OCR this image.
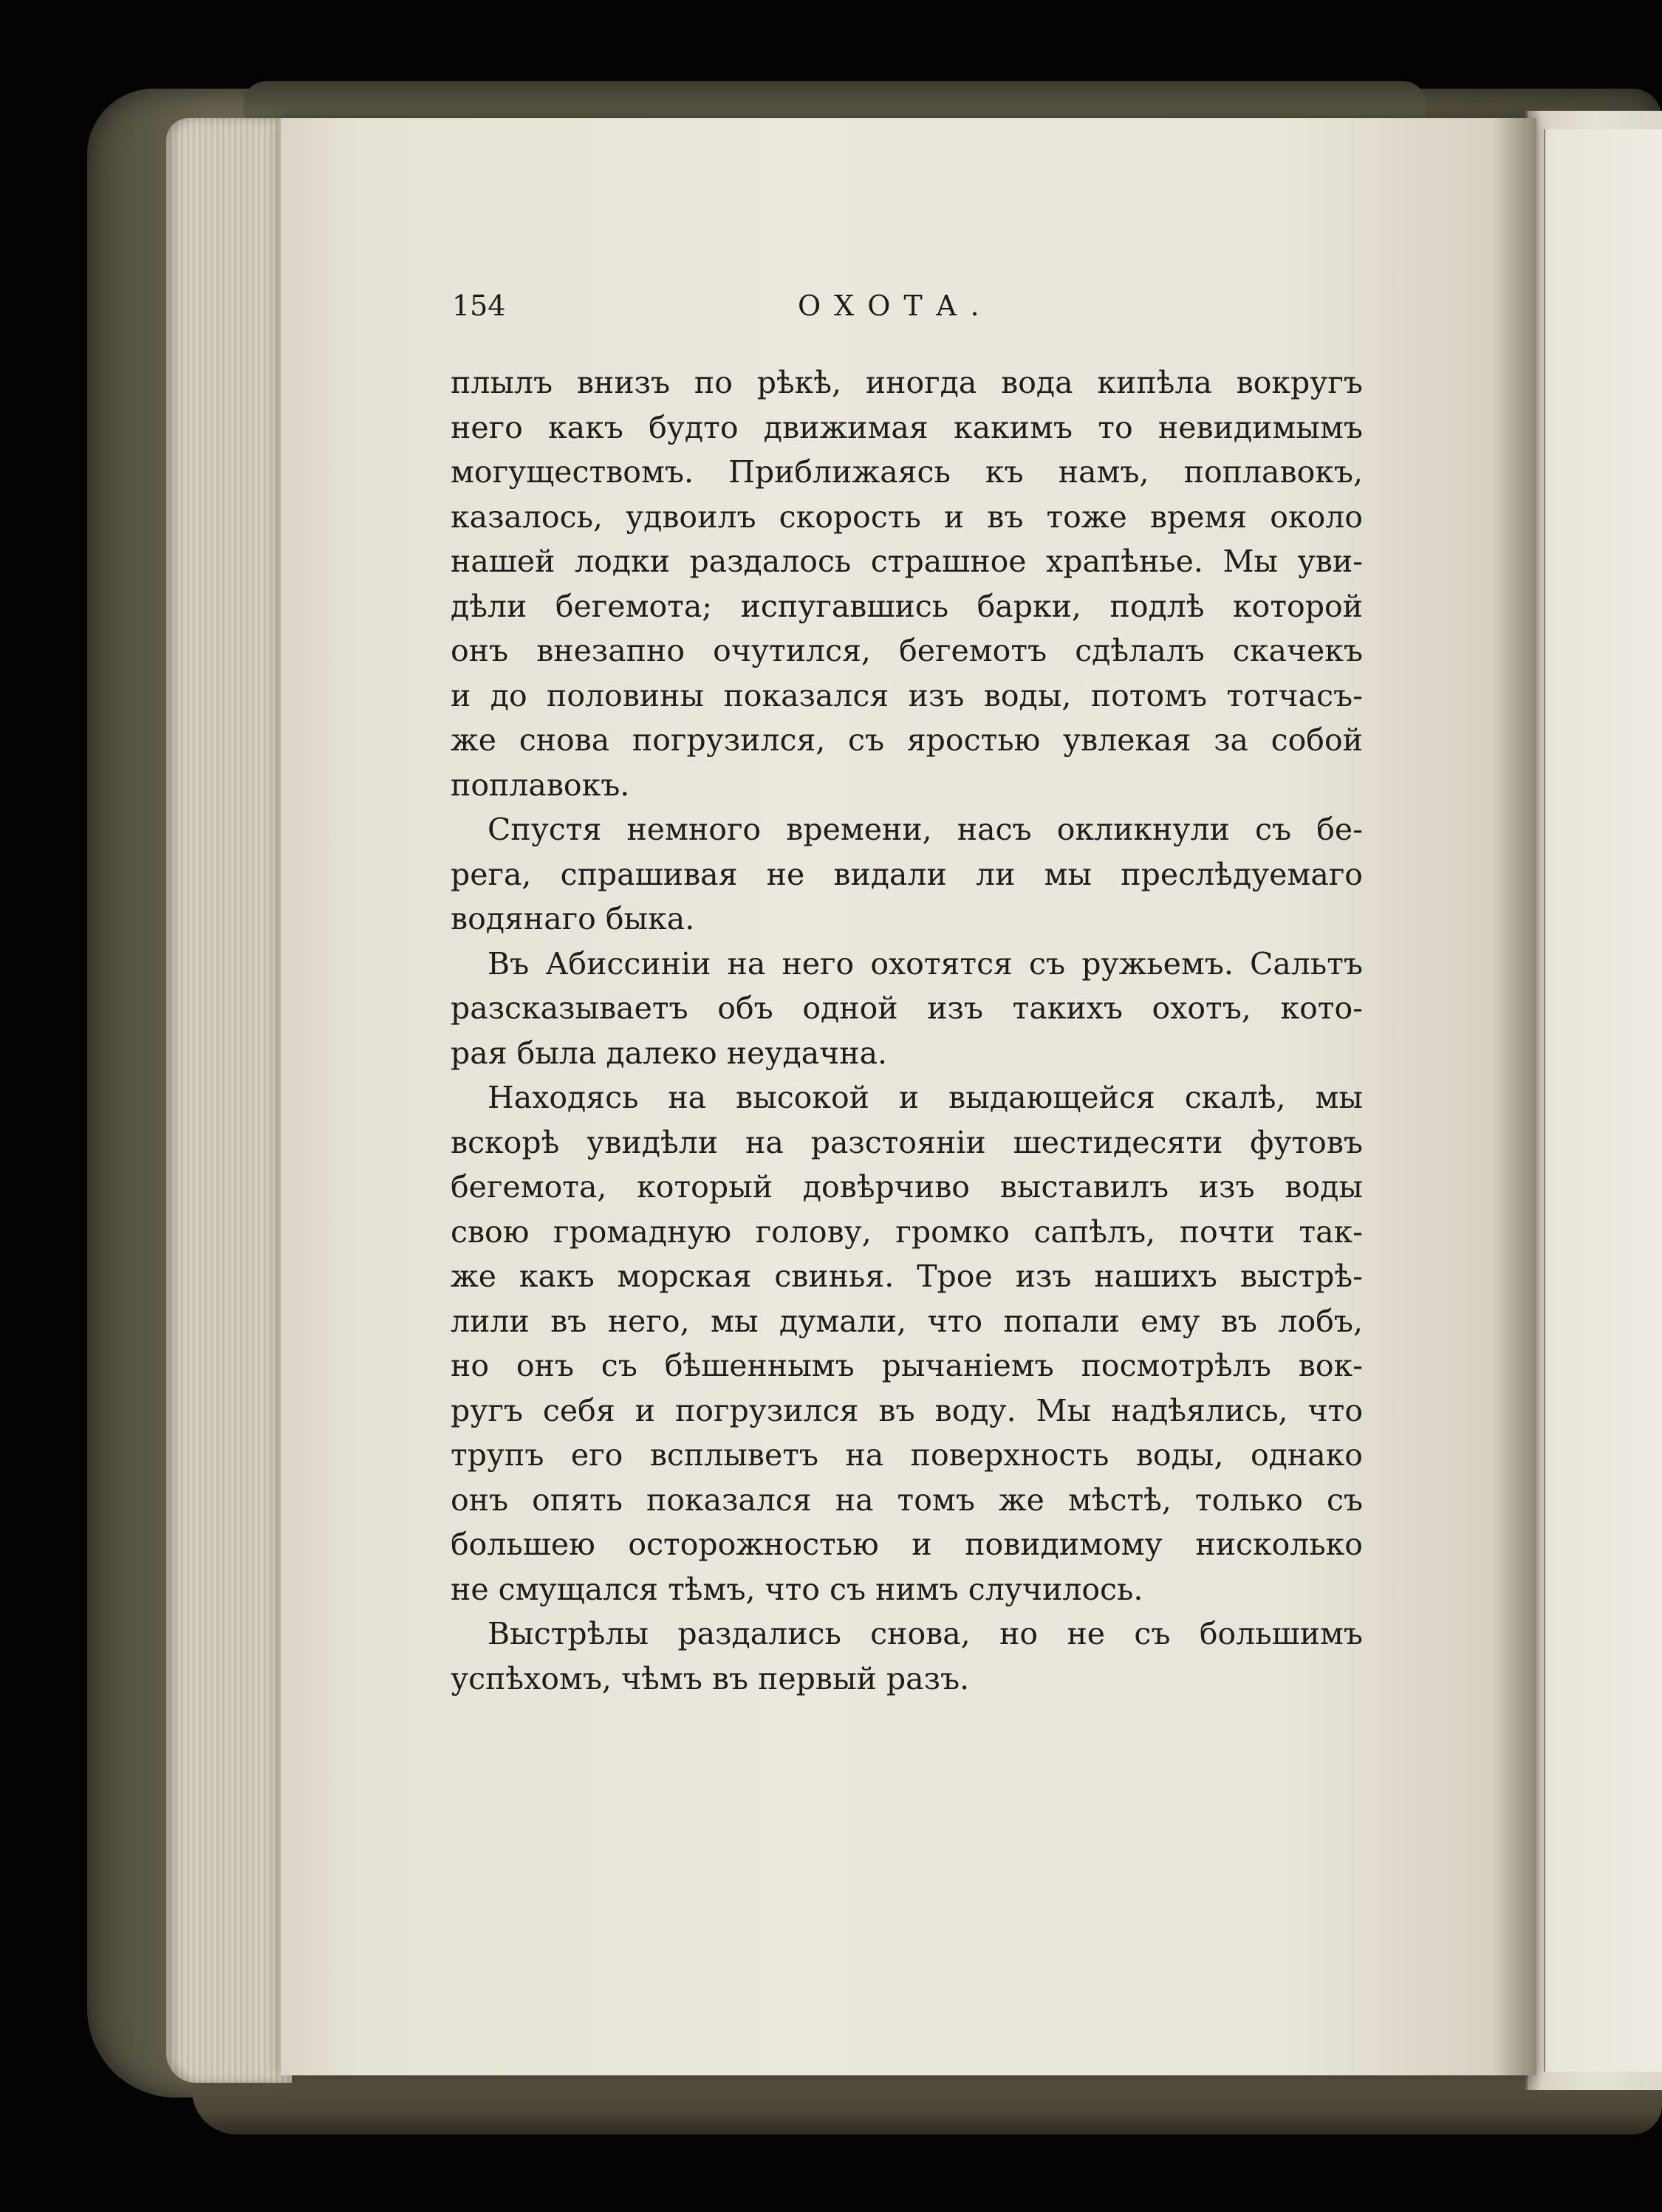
154	ОХОТА.
плылъ внизъ по рѣкѣ, иногда вода кипѣла вокругъ
него какъ будто движимая какимъ то невидимымъ
могуществомъ. Приближаясь къ намъ, поплавокъ,
казалось, удвоилъ скорость и въ тоже время около
нашей лодки раздалось страшное храпѣнье. Мы уви-
дѣли бегемота; испугавшись барки, подлѣ которой
онъ внезапно очутился, бегемотъ сдѣлалъ скачекъ
и до половины показался изъ воды, потомъ тотчасъ-
же снова погрузился, съ яростью увлекая за собой
поплавокъ.
Спустя немного времени, насъ окликнули съ бе-
рега, спрашивая не видали ли мы преслѣдуемаго
водянаго быка.
Въ Абиссиніи на него охотятся съ ружьемъ. Сальтъ
разсказываетъ объ одной изъ такихъ охотъ, кото-
рая была далеко неудачна.
Находясь на высокой и выдающейся скалѣ, мы
вскорѣ увидѣли на разстояніи шестидесяти футовъ
бегемота, который довѣрчиво выставилъ изъ воды
свою громадную голову, громко сапѣлъ, почти так-
же какъ морская свинья. Трое изъ нашихъ выстрѣ-
лили въ него, мы думали, что попали ему въ лобъ,
но онъ съ бѣшеннымъ рычаніемъ посмотрѣлъ вок-
ругъ себя и погрузился въ воду. Мы надѣялись, что
трупъ его всплыветъ на поверхность воды, однако
онъ опять показался на томъ же мѣстѣ, только съ
большею осторожностью и повидимому нисколько
не смущался тѣмъ, что съ нимъ случилось.
Выстрѣлы раздались снова, но не съ большимъ
успѣхомъ, чѣмъ въ первый разъ.
